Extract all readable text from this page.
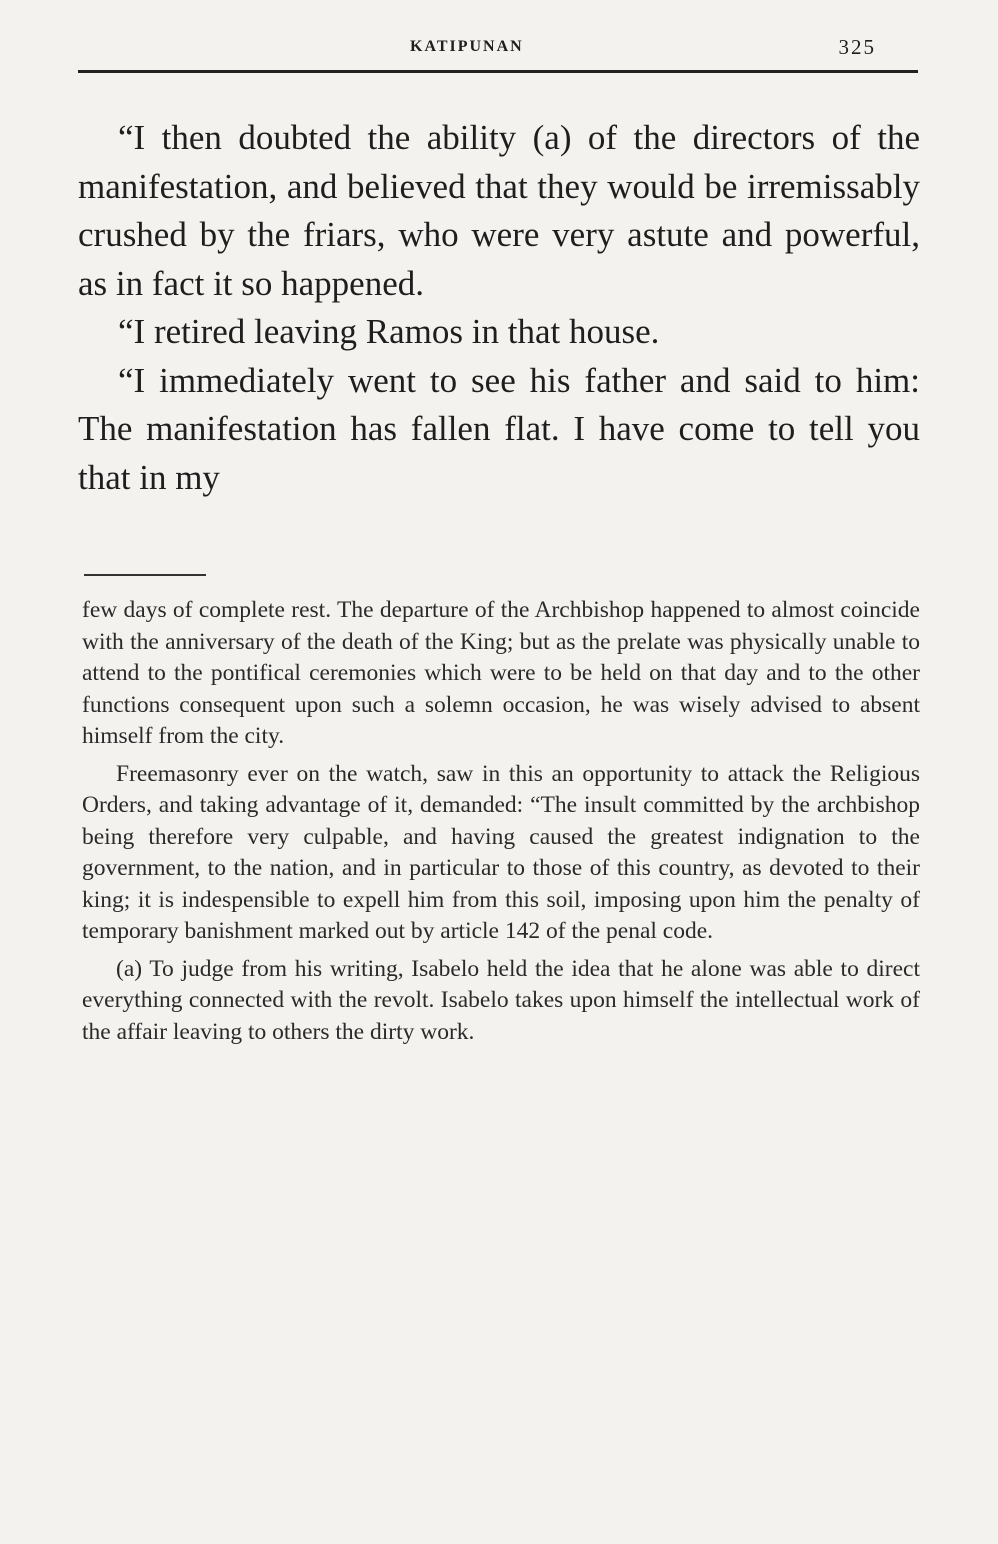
KATIPUNAN	325

“I then doubted the ability (a) of the directors of the manifestation, and believed that they would be irremissably crushed by the friars, who were very astute and powerful, as in fact it so happened.

“I retired leaving Ramos in that house.

“I immediately went to see his father and said to him: The manifestation has fallen flat. I have come to tell you that in my

few days of complete rest. The departure of the Archbishop happened to almost coincide with the anniversary of the death of the King; but as the prelate was physically unable to attend to the pontifical ceremonies which were to be held on that day and to the other functions consequent upon such a solemn occasion, he was wisely advised to absent himself from the city.

Freemasonry ever on the watch, saw in this an opportunity to attack the Religious Orders, and taking advantage of it, demanded: “The insult committed by the archbishop being therefore very culpable, and having caused the greatest indignation to the government, to the nation, and in particular to those of this country, as devoted to their king; it is indespensible to expell him from this soil, imposing upon him the penalty of temporary banishment marked out by article 142 of the penal code.

(a) To judge from his writing, Isabelo held the idea that he alone was able to direct everything connected with the revolt. Isabelo takes upon himself the intellectual work of the affair leaving to others the dirty work.
